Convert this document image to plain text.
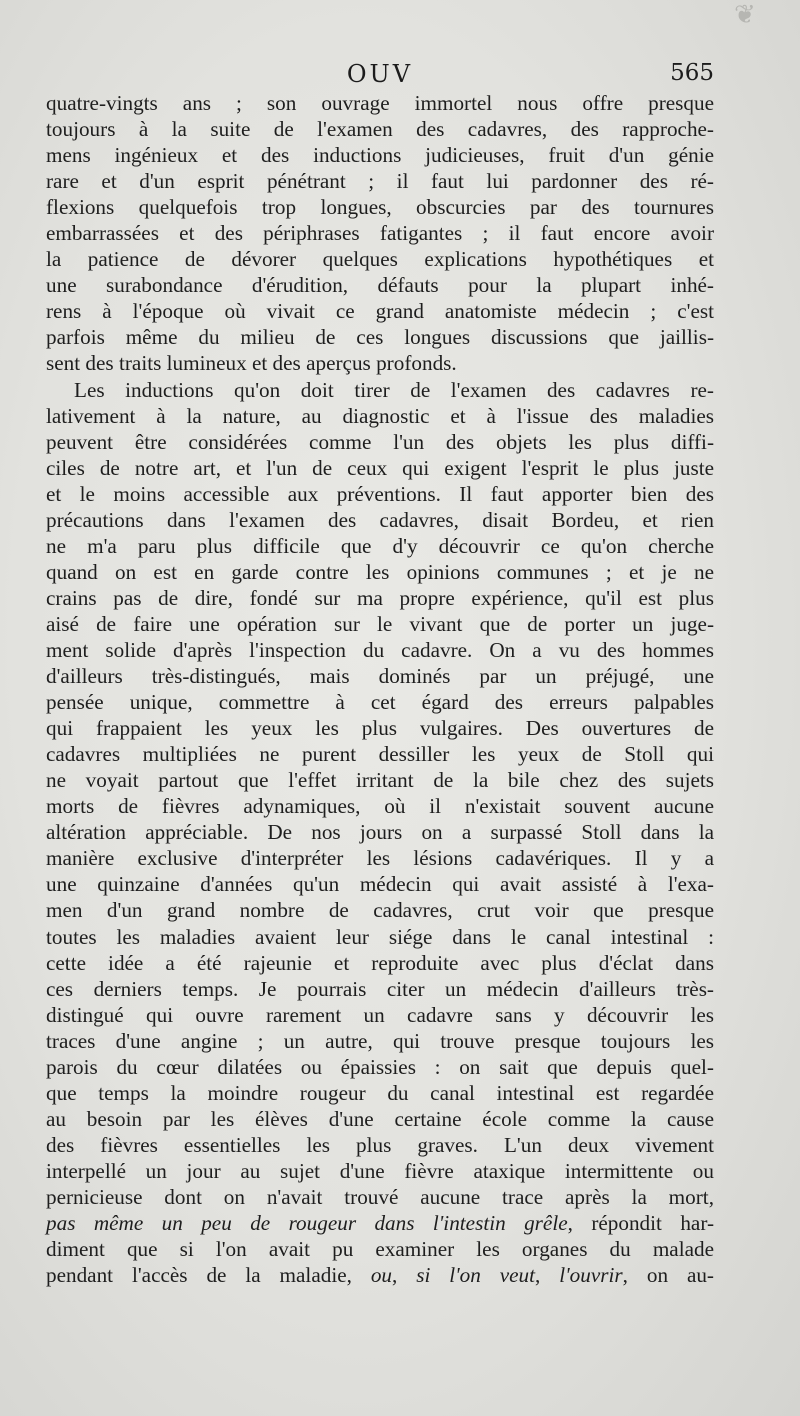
❦
OUV	565
quatre-vingts ans ; son ouvrage immortel nous offre presque
toujours à la suite de l'examen des cadavres, des rapproche-
mens ingénieux et des inductions judicieuses, fruit d'un génie
rare et d'un esprit pénétrant ; il faut lui pardonner des ré-
flexions quelquefois trop longues, obscurcies par des tournures
embarrassées et des périphrases fatigantes ; il faut encore avoir
la patience de dévorer quelques explications hypothétiques et
une surabondance d'érudition, défauts pour la plupart inhé-
rens à l'époque où vivait ce grand anatomiste médecin ; c'est
parfois même du milieu de ces longues discussions que jaillis-
sent des traits lumineux et des aperçus profonds.
Les inductions qu'on doit tirer de l'examen des cadavres re-
lativement à la nature, au diagnostic et à l'issue des maladies
peuvent être considérées comme l'un des objets les plus diffi-
ciles de notre art, et l'un de ceux qui exigent l'esprit le plus juste
et le moins accessible aux préventions. Il faut apporter bien des
précautions dans l'examen des cadavres, disait Bordeu, et rien
ne m'a paru plus difficile que d'y découvrir ce qu'on cherche
quand on est en garde contre les opinions communes ; et je ne
crains pas de dire, fondé sur ma propre expérience, qu'il est plus
aisé de faire une opération sur le vivant que de porter un juge-
ment solide d'après l'inspection du cadavre. On a vu des hommes
d'ailleurs très-distingués, mais dominés par un préjugé, une
pensée unique, commettre à cet égard des erreurs palpables
qui frappaient les yeux les plus vulgaires. Des ouvertures de
cadavres multipliées ne purent dessiller les yeux de Stoll qui
ne voyait partout que l'effet irritant de la bile chez des sujets
morts de fièvres adynamiques, où il n'existait souvent aucune
altération appréciable. De nos jours on a surpassé Stoll dans la
manière exclusive d'interpréter les lésions cadavériques. Il y a
une quinzaine d'années qu'un médecin qui avait assisté à l'exa-
men d'un grand nombre de cadavres, crut voir que presque
toutes les maladies avaient leur siége dans le canal intestinal :
cette idée a été rajeunie et reproduite avec plus d'éclat dans
ces derniers temps. Je pourrais citer un médecin d'ailleurs très-
distingué qui ouvre rarement un cadavre sans y découvrir les
traces d'une angine ; un autre, qui trouve presque toujours les
parois du cœur dilatées ou épaissies : on sait que depuis quel-
que temps la moindre rougeur du canal intestinal est regardée
au besoin par les élèves d'une certaine école comme la cause
des fièvres essentielles les plus graves. L'un deux vivement
interpellé un jour au sujet d'une fièvre ataxique intermittente ou
pernicieuse dont on n'avait trouvé aucune trace après la mort,
pas même un peu de rougeur dans l'intestin grêle, répondit har-
diment que si l'on avait pu examiner les organes du malade
pendant l'accès de la maladie, ou, si l'on veut, l'ouvrir, on au-
